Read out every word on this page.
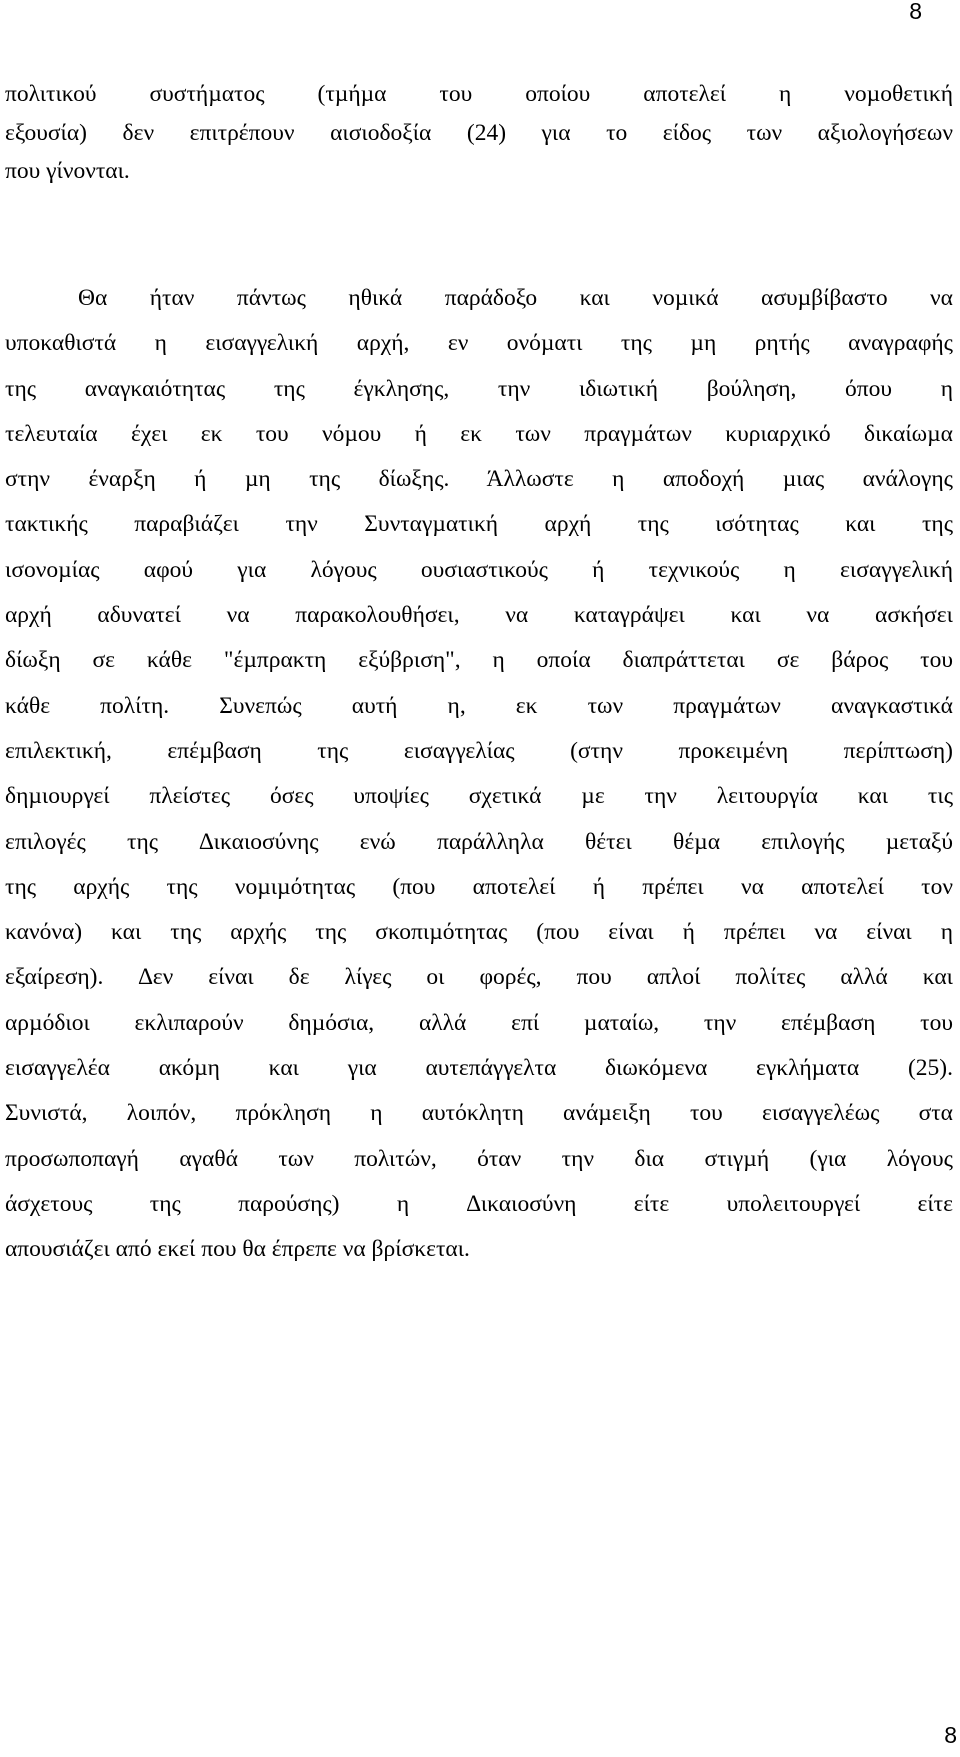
8
πολιτικού συστήµατος (τµήµα του οποίου αποτελεί η νοµοθετική
εξουσία) δεν επιτρέπουν αισιοδοξία (24) για το είδος των αξιολογήσεων
που γίνονται.
Θα ήταν πάντως ηθικά παράδοξο και νοµικά ασυµβίβαστο να
υποκαθιστά η εισαγγελική αρχή, εν ονόµατι της µη ρητής αναγραφής
της αναγκαιότητας της έγκλησης, την ιδιωτική βούληση, όπου η
τελευταία έχει εκ του νόµου ή εκ των πραγµάτων κυριαρχικό δικαίωµα
στην έναρξη ή µη της δίωξης. Άλλωστε η αποδοχή µιας ανάλογης
τακτικής παραβιάζει την Συνταγµατική αρχή της ισότητας και της
ισονοµίας αφού για λόγους ουσιαστικούς ή τεχνικούς η εισαγγελική
αρχή αδυνατεί να παρακολουθήσει, να καταγράψει και να ασκήσει
δίωξη σε κάθε "έµπρακτη εξύβριση", η οποία διαπράττεται σε βάρος του
κάθε πολίτη. Συνεπώς αυτή η, εκ των πραγµάτων αναγκαστικά
επιλεκτική, επέµβαση της εισαγγελίας (στην προκειµένη περίπτωση)
δηµιουργεί πλείστες όσες υποψίες σχετικά µε την λειτουργία και τις
επιλογές της ∆ικαιοσύνης ενώ παράλληλα θέτει θέµα επιλογής µεταξύ
της αρχής της νοµιµότητας (που αποτελεί ή πρέπει να αποτελεί τον
κανόνα) και της αρχής της σκοπιµότητας (που είναι ή πρέπει να είναι η
εξαίρεση). ∆εν είναι δε λίγες οι φορές, που απλοί πολίτες αλλά και
αρµόδιοι εκλιπαρούν δηµόσια, αλλά επί µαταίω, την επέµβαση του
εισαγγελέα ακόµη και για αυτεπάγγελτα διωκόµενα εγκλήµατα (25).
Συνιστά, λοιπόν, πρόκληση η αυτόκλητη ανάµειξη του εισαγγελέως στα
προσωποπαγή αγαθά των πολιτών, όταν την δια στιγµή (για λόγους
άσχετους της παρούσης) η ∆ικαιοσύνη είτε υπολειτουργεί είτε
απουσιάζει από εκεί που θα έπρεπε να βρίσκεται.
8
